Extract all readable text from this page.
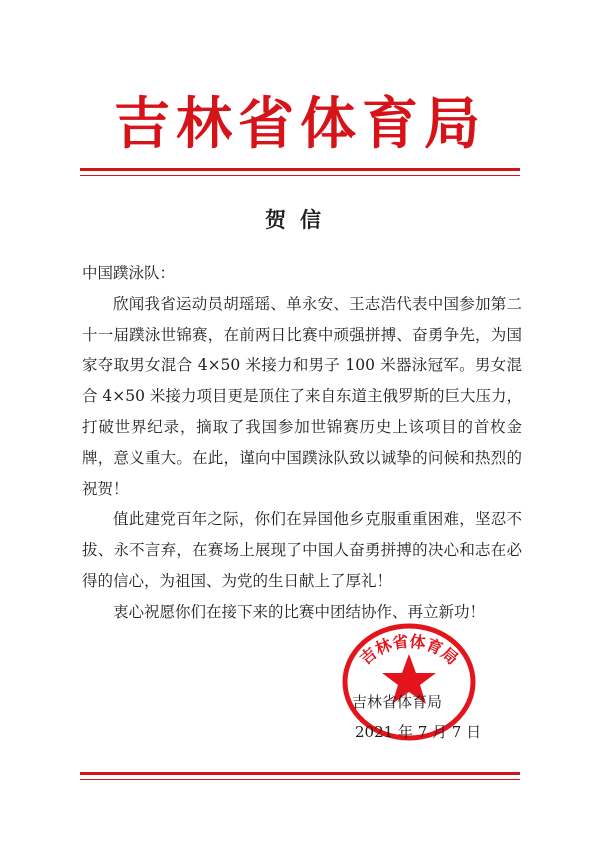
吉林省体育局
贺信

中国蹼泳队：

欣闻我省运动员胡瑶瑶、单永安、王志浩代表中国参加第二十一届蹼泳世锦赛，在前两日比赛中顽强拼搏、奋勇争先，为国家夺取男女混合 4×50 米接力和男子 100 米器泳冠军。男女混合 4×50 米接力项目更是顶住了来自东道主俄罗斯的巨大压力，打破世界纪录，摘取了我国参加世锦赛历史上该项目的首枚金牌，意义重大。在此，谨向中国蹼泳队致以诚挚的问候和热烈的祝贺！

值此建党百年之际，你们在异国他乡克服重重困难，坚忍不拔、永不言弃，在赛场上展现了中国人奋勇拼搏的决心和志在必得的信心，为祖国、为党的生日献上了厚礼！

衷心祝愿你们在接下来的比赛中团结协作、再立新功！

吉林省体育局
吉林省体育局
2021 年 7 月 7 日
